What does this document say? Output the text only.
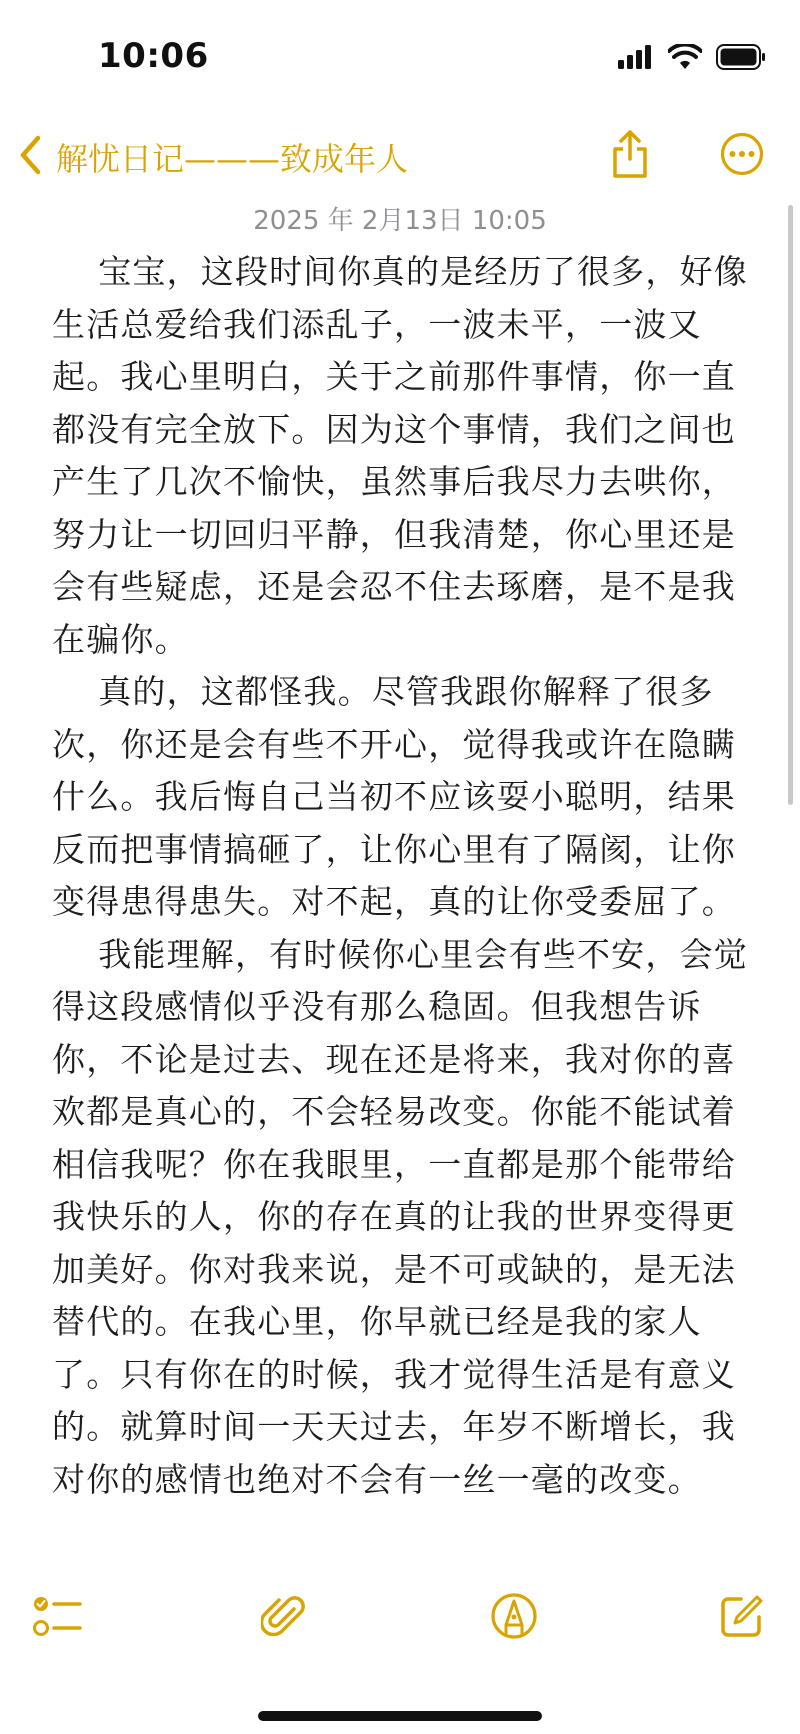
10:06
解忧日记———致成年人
2025 年 2月13日 10:05

宝宝，这段时间你真的是经历了很多，好像生活总爱给我们添乱子，一波未平，一波又起。我心里明白，关于之前那件事情，你一直都没有完全放下。因为这个事情，我们之间也产生了几次不愉快，虽然事后我尽力去哄你，努力让一切回归平静，但我清楚，你心里还是会有些疑虑，还是会忍不住去琢磨，是不是我在骗你。

真的，这都怪我。尽管我跟你解释了很多次，你还是会有些不开心，觉得我或许在隐瞒什么。我后悔自己当初不应该耍小聪明，结果反而把事情搞砸了，让你心里有了隔阂，让你变得患得患失。对不起，真的让你受委屈了。

我能理解，有时候你心里会有些不安，会觉得这段感情似乎没有那么稳固。但我想告诉你，不论是过去、现在还是将来，我对你的喜欢都是真心的，不会轻易改变。你能不能试着相信我呢？你在我眼里，一直都是那个能带给我快乐的人，你的存在真的让我的世界变得更加美好。你对我来说，是不可或缺的，是无法替代的。在我心里，你早就已经是我的家人了。只有你在的时候，我才觉得生活是有意义的。就算时间一天天过去，年岁不断增长，我对你的感情也绝对不会有一丝一毫的改变。
